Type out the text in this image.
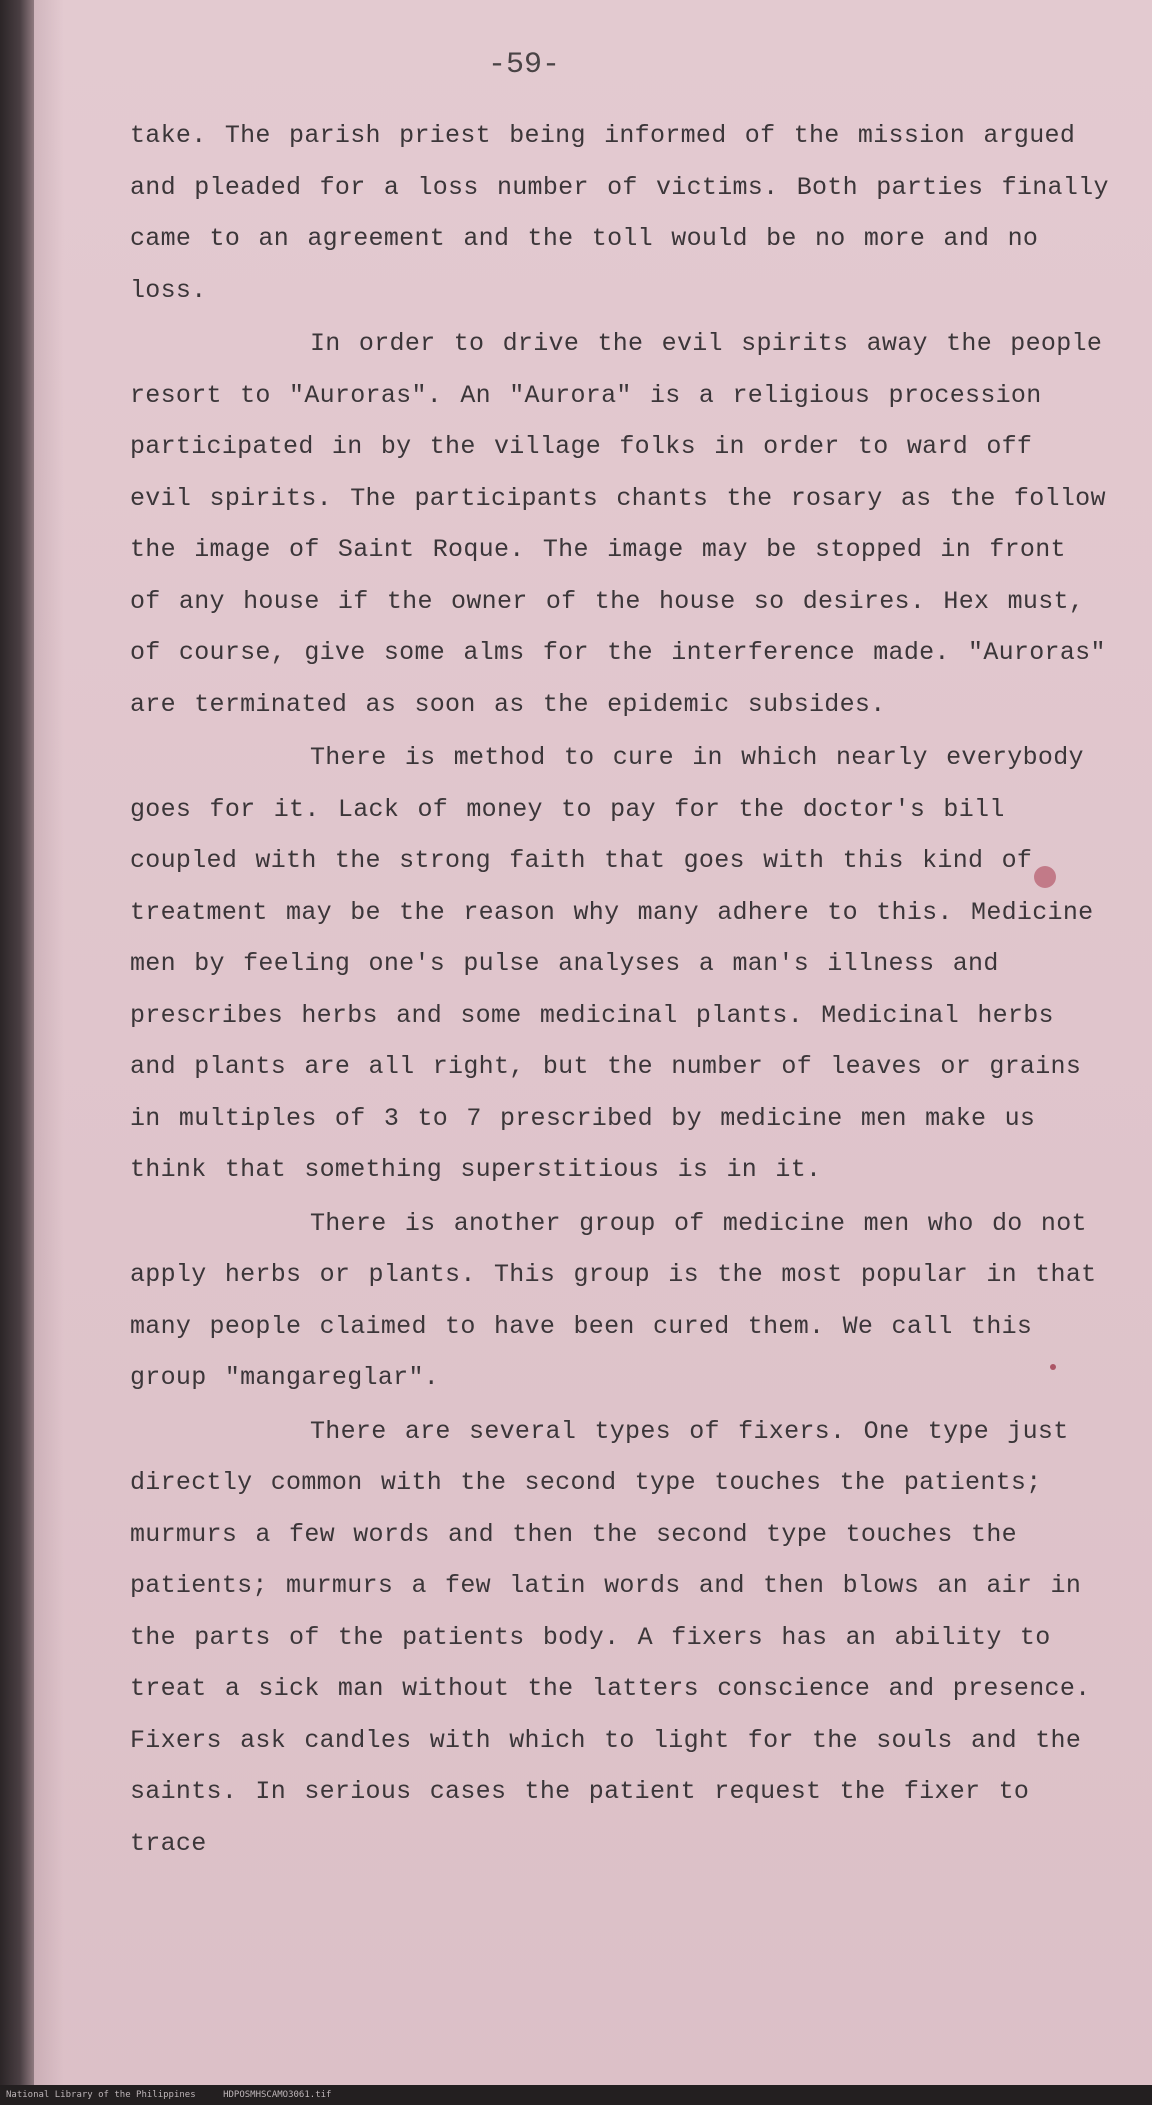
-59-

take. The parish priest being informed of the mission argued and pleaded for a loss number of victims. Both parties finally came to an agreement and the toll would be no more and no loss.

In order to drive the evil spirits away the people resort to "Auroras". An "Aurora" is a religious procession participated in by the village folks in order to ward off evil spirits. The participants chants the rosary as the follow the image of Saint Roque. The image may be stopped in front of any house if the owner of the house so desires. Hex must, of course, give some alms for the interference made. "Auroras" are terminated as soon as the epidemic subsides.

There is method to cure in which nearly everybody goes for it. Lack of money to pay for the doctor's bill coupled with the strong faith that goes with this kind of treatment may be the reason why many adhere to this. Medicine men by feeling one's pulse analyses a man's illness and prescribes herbs and some medicinal plants. Medicinal herbs and plants are all right, but the number of leaves or grains in multiples of 3 to 7 prescribed by medicine men make us think that something superstitious is in it.

There is another group of medicine men who do not apply herbs or plants. This group is the most popular in that many people claimed to have been cured them. We call this group "mangareglar".

There are several types of fixers. One type just directly common with the second type touches the patients; murmurs a few words and then the second type touches the patients; murmurs a few latin words and then blows an air in the parts of the patients body. A fixers has an ability to treat a sick man without the latters conscience and presence. Fixers ask candles with which to light for the souls and the saints. In serious cases the patient request the fixer to trace

National Library of the Philippines	HDPOSMHSCAMO3061.tif
